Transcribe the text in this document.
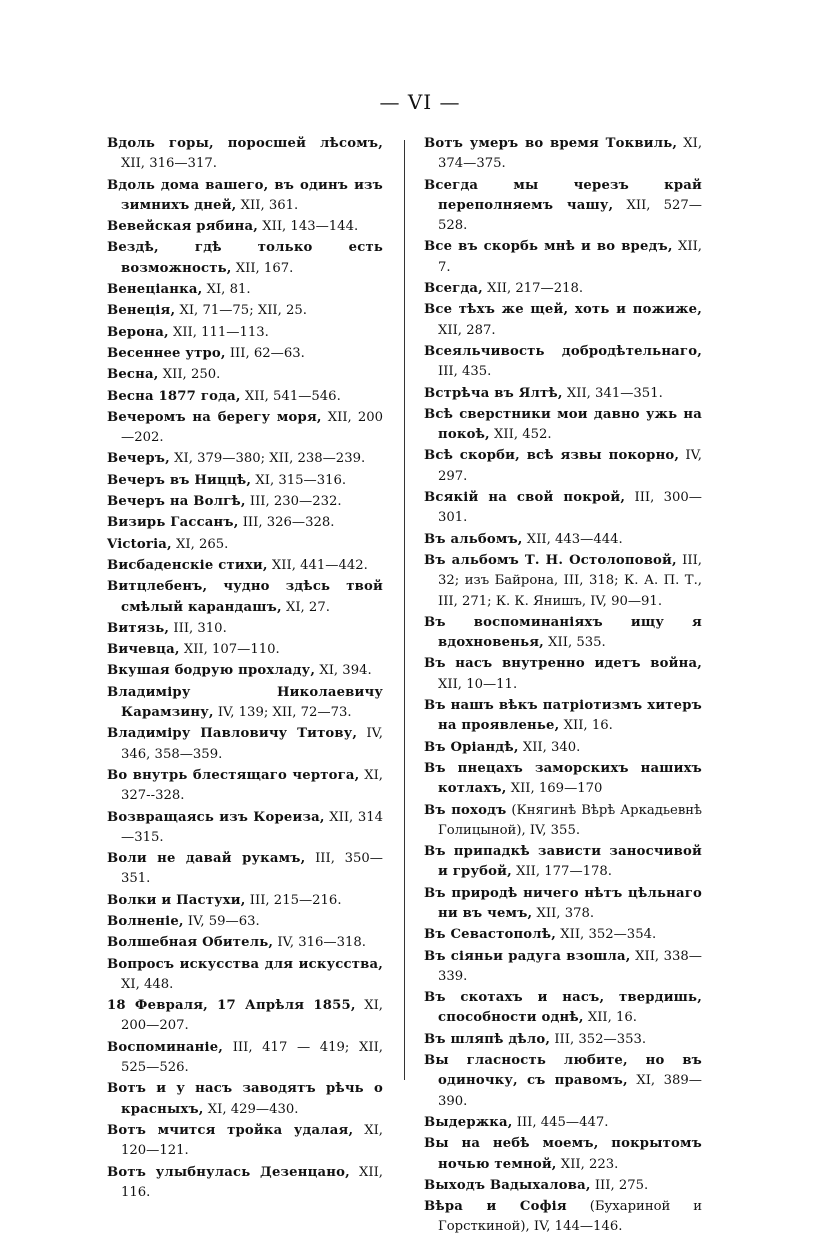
— VI —

Вдоль горы, поросшей лѣсомъ, XII, 316—317.

Вдоль дома вашего, въ одинъ изъ зимнихъ дней, XII, 361.

Вевейская рябина, XII, 143—144.

Вездѣ, гдѣ только есть возможность, XII, 167.

Венеціанка, XI, 81.

Венеція, XI, 71—75; XII, 25.

Верона, XII, 111—113.

Весеннее утро, III, 62—63.

Весна, XII, 250.

Весна 1877 года, XII, 541—546.

Вечеромъ на берегу моря, XII, 200—202.

Вечеръ, XI, 379—380; XII, 238—239.

Вечеръ въ Ниццѣ, XI, 315—316.

Вечеръ на Волгѣ, III, 230—232.

Визирь Гассанъ, III, 326—328.

Victoria, XI, 265.

Висбаденскіе стихи, XII, 441—442.

Витцлебенъ, чудно здѣсь твой смѣлый карандашъ, XI, 27.

Витязь, III, 310.

Вичевца, XII, 107—110.

Вкушая бодрую прохладу, XI, 394.

Владиміру Николаевичу Карамзину, IV, 139; XII, 72—73.

Владиміру Павловичу Титову, IV, 346, 358—359.

Во внутрь блестящаго чертога, XI, 327--328.

Возвращаясь изъ Кореиза, XII, 314—315.

Воли не давай рукамъ, III, 350—351.

Волки и Пастухи, III, 215—216.

Волненіе, IV, 59—63.

Волшебная Обитель, IV, 316—318.

Вопросъ искусства для искусства, XI, 448.

18 Февраля, 17 Апрѣля 1855, XI, 200—207.

Воспоминаніе, III, 417 — 419; XII, 525—526.

Вотъ и у насъ заводятъ рѣчь о красныхъ, XI, 429—430.

Вотъ мчится тройка удалая, XI, 120—121.

Вотъ улыбнулась Дезенцано, XII, 116.

Вотъ умеръ во время Токвиль, XI, 374—375.

Всегда мы черезъ край переполняемъ чашу, XII, 527—528.

Все въ скорбь мнѣ и во вредъ, XII, 7.

Всегда, XII, 217—218.

Все тѣхъ же щей, хоть и пожиже, XII, 287.

Всеяльчивость добродѣтельнаго, III, 435.

Встрѣча въ Ялтѣ, XII, 341—351.

Всѣ сверстники мои давно ужь на покоѣ, XII, 452.

Всѣ скорби, всѣ язвы покорно, IV, 297.

Всякій на свой покрой, III, 300—301.

Въ альбомъ, XII, 443—444.

Въ альбомъ Т. Н. Остолоповой, III, 32; изъ Байрона, III, 318; К. А. П. Т., III, 271; К. К. Янишъ, IV, 90—91.

Въ воспоминаніяхъ ищу я вдохновенья, XII, 535.

Въ насъ внутренно идетъ война, XII, 10—11.

Въ нашъ вѣкъ патріотизмъ хитеръ на проявленье, XII, 16.

Въ Оріандѣ, XII, 340.

Въ пнецахъ заморскихъ нашихъ котлахъ, XII, 169—170

Въ походъ (Княгинѣ Вѣрѣ Аркадьевнѣ Голицыной), IV, 355.

Въ припадкѣ зависти заносчивой и грубой, XII, 177—178.

Въ природѣ ничего нѣтъ цѣльнаго ни въ чемъ, XII, 378.

Въ Севастополѣ, XII, 352—354.

Въ сіяньи радуга взошла, XII, 338—339.

Въ скотахъ и насъ, твердишь, способности однѣ, XII, 16.

Въ шляпѣ дѣло, III, 352—353.

Вы гласность любите, но въ одиночку, съ правомъ, XI, 389—390.

Выдержка, III, 445—447.

Вы на небѣ моемъ, покрытомъ ночью темной, XII, 223.

Выходъ Вадыхалова, III, 275.

Вѣра и Софія (Бухариной и Горсткиной), IV, 144—146.
